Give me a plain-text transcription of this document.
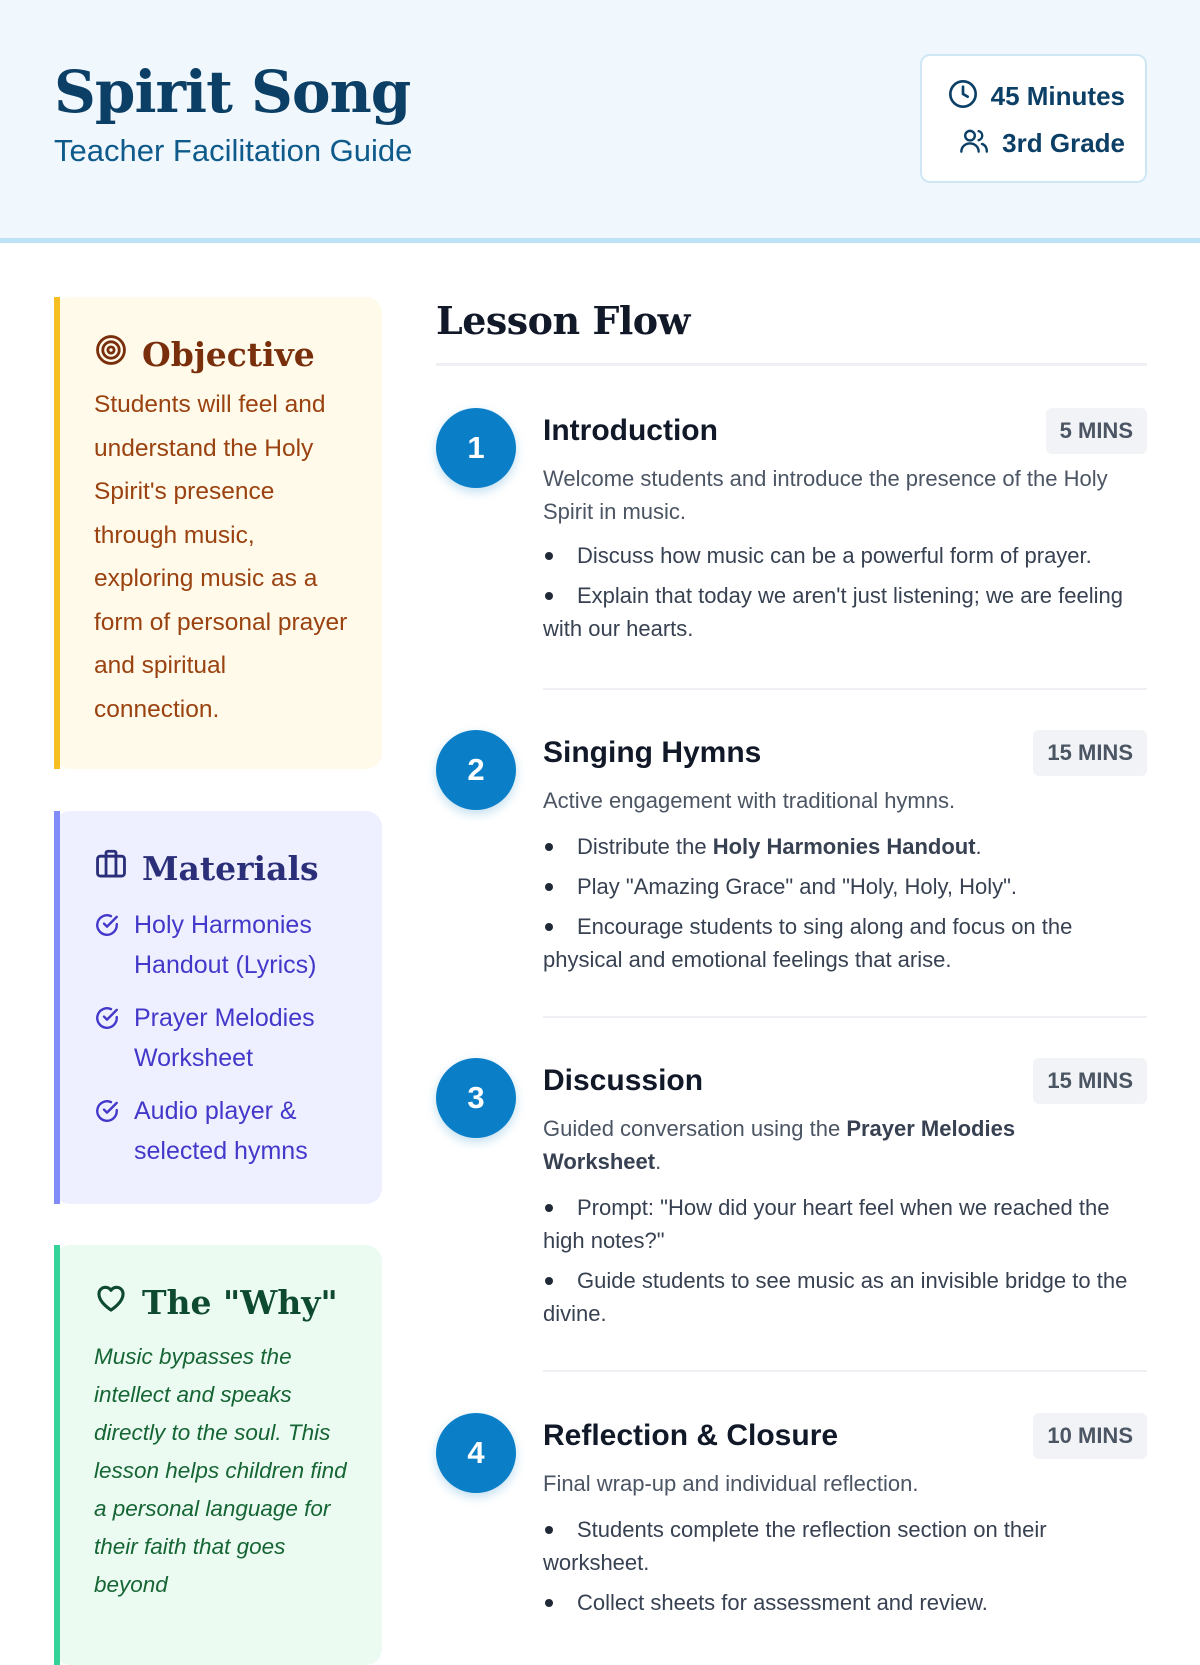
Spirit Song
Teacher Facilitation Guide
45 Minutes
3rd Grade
Objective
Students will feel and understand the Holy Spirit's presence through music, exploring music as a form of personal prayer and spiritual connection.
Materials
Holy Harmonies Handout (Lyrics)
Prayer Melodies Worksheet
Audio player & selected hymns
The "Why"
Music bypasses the intellect and speaks directly to the soul. This lesson helps children find a personal language for their faith that goes beyond
Lesson Flow
1	Introduction	5 MINS
Welcome students and introduce the presence of the Holy Spirit in music.
Discuss how music can be a powerful form of prayer.
Explain that today we aren't just listening; we are feeling with our hearts.
2	Singing Hymns	15 MINS
Active engagement with traditional hymns.
Distribute the Holy Harmonies Handout.
Play "Amazing Grace" and "Holy, Holy, Holy".
Encourage students to sing along and focus on the physical and emotional feelings that arise.
3	Discussion	15 MINS
Guided conversation using the Prayer Melodies Worksheet.
Prompt: "How did your heart feel when we reached the high notes?"
Guide students to see music as an invisible bridge to the divine.
4	Reflection & Closure	10 MINS
Final wrap-up and individual reflection.
Students complete the reflection section on their worksheet.
Collect sheets for assessment and review.
